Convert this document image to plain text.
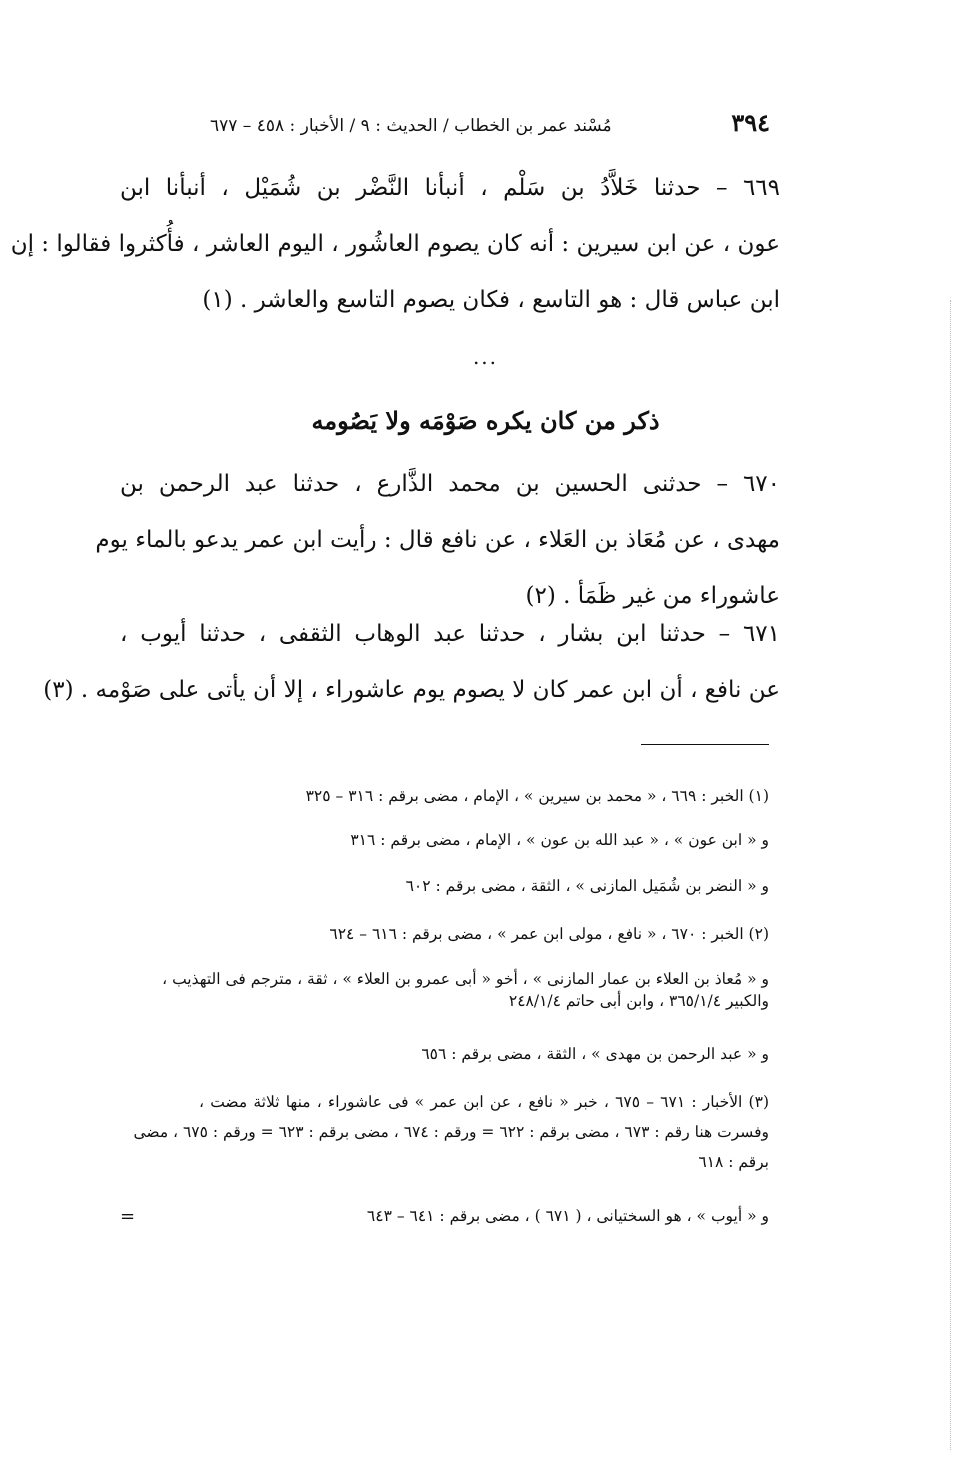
٣٩٤
مُسْند عمر بن الخطاب / الحديث : ٩ / الأخبار : ٤٥٨ – ٦٧٧
٦٦٩ – حدثنا خَلاَّدُ بن سَلْم ، أنبأنا النَّضْر بن شُمَيْل ، أنبأنا ابن
عون ، عن ابن سيرين : أنه كان يصوم العاشُور ، اليوم العاشر ، فأُكثروا فقالوا : إن
ابن عباس قال : هو التاسع ، فكان يصوم التاسع والعاشر . (١)
...
ذكر من كان يكره صَوْمَه ولا يَصُومه
٦٧٠ – حدثنى الحسين بن محمد الذَّارع ، حدثنا عبد الرحمن بن
مهدى ، عن مُعَاذ بن العَلاء ، عن نافع قال : رأيت ابن عمر يدعو بالماء يوم
عاشوراء من غير ظَمَأ . (٢)
٦٧١ – حدثنا ابن بشار ، حدثنا عبد الوهاب الثقفى ، حدثنا أيوب ،
عن نافع ، أن ابن عمر كان لا يصوم يوم عاشوراء ، إلا أن يأتى على صَوْمه . (٣)
(١) الخبر : ٦٦٩ ، « محمد بن سيرين » ، الإمام ، مضى برقم : ٣١٦ – ٣٢٥
و « ابن عون » ، « عبد الله بن عون » ، الإمام ، مضى برقم : ٣١٦
و « النضر بن شُمَيل المازنى » ، الثقة ، مضى برقم : ٦٠٢
(٢) الخبر : ٦٧٠ ، « نافع ، مولى ابن عمر » ، مضى برقم : ٦١٦ – ٦٢٤
و « مُعاذ بن العلاء بن عمار المازنى » ، أخو « أبى عمرو بن العلاء » ، ثقة ، مترجم فى التهذيب ،
والكبير ٣٦٥/١/٤ ، وابن أبى حاتم ٢٤٨/١/٤
و « عبد الرحمن بن مهدى » ، الثقة ، مضى برقم : ٦٥٦
(٣) الأخبار : ٦٧١ – ٦٧٥ ، خبر « نافع ، عن ابن عمر » فى عاشوراء ، منها ثلاثة مضت ،
وفسرت هنا رقم : ٦٧٣ ، مضى برقم : ٦٢٢ = ورقم : ٦٧٤ ، مضى برقم : ٦٢٣ = ورقم : ٦٧٥ ، مضى
برقم : ٦١٨
و « أيوب » ، هو السختيانى ، ( ٦٧١ ) ، مضى برقم : ٦٤١ – ٦٤٣
=
